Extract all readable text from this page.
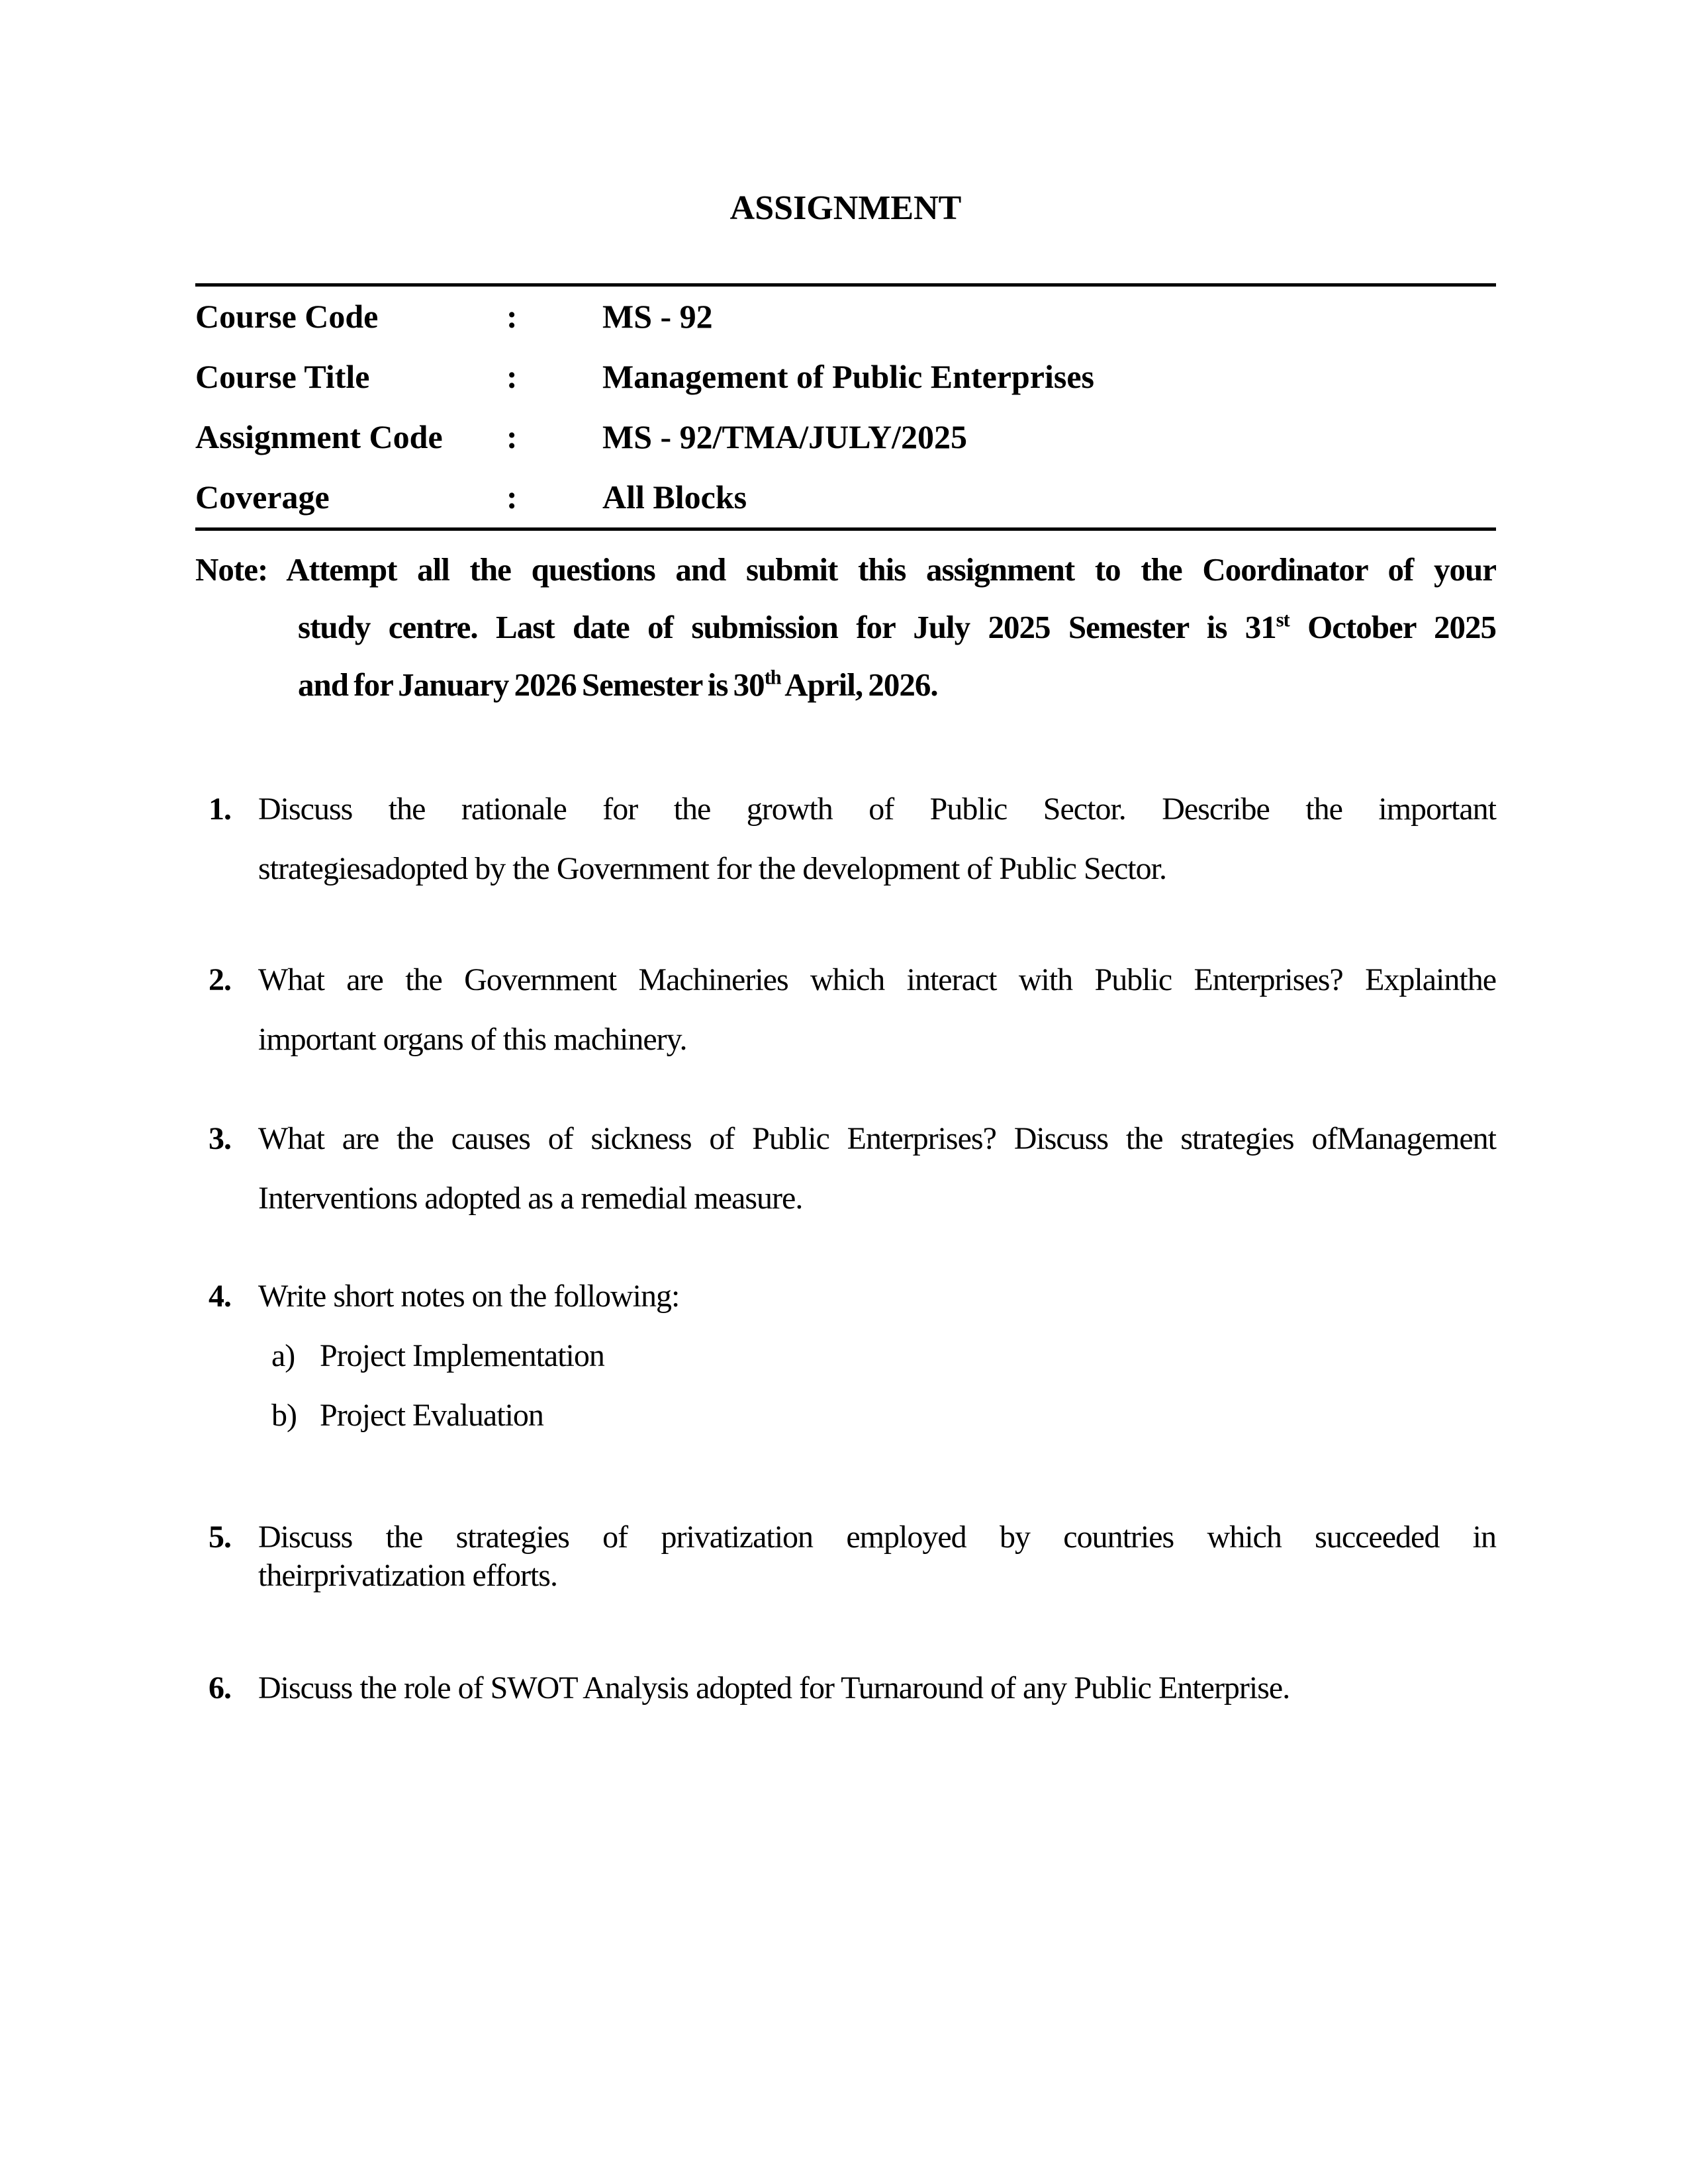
ASSIGNMENT
Course Code	:	MS - 92
Course Title	:	Management of Public Enterprises
Assignment Code	:	MS - 92/TMA/JULY/2025
Coverage	:	All Blocks
Note: Attempt all the questions and submit this assignment to the Coordinator of your
study centre. Last date of submission for July 2025 Semester is 31st October 2025
and for January 2026 Semester is 30th April, 2026.
1. Discuss the rationale for the growth of Public Sector. Describe the important
strategiesadopted by the Government for the development of Public Sector.
2. What are the Government Machineries which interact with Public Enterprises? Explainthe
important organs of this machinery.
3. What are the causes of sickness of Public Enterprises? Discuss the strategies ofManagement
Interventions adopted as a remedial measure.
4. Write short notes on the following:
a) Project Implementation
b) Project Evaluation
5. Discuss the strategies of privatization employed by countries which succeeded in
theirprivatization efforts.
6. Discuss the role of SWOT Analysis adopted for Turnaround of any Public Enterprise.
